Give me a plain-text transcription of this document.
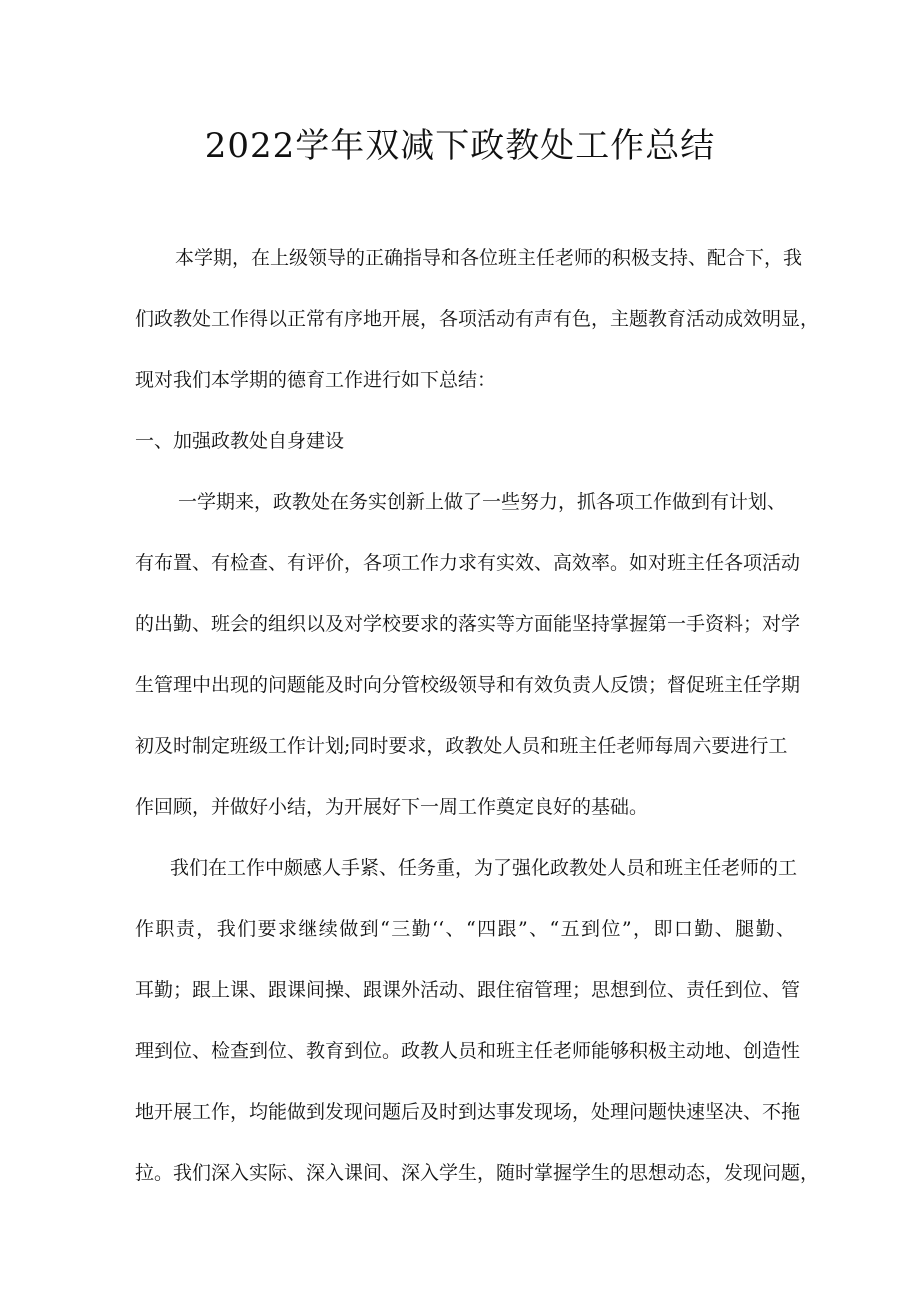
2022学年双减下政教处工作总结
本学期，在上级领导的正确指导和各位班主任老师的积极支持、配合下，我
们政教处工作得以正常有序地开展，各项活动有声有色，主题教育活动成效明显，
现对我们本学期的德育工作进行如下总结：
一、加强政教处自身建设
一学期来，政教处在务实创新上做了一些努力，抓各项工作做到有计划、
有布置、有检查、有评价，各项工作力求有实效、高效率。如对班主任各项活动
的出勤、班会的组织以及对学校要求的落实等方面能坚持掌握第一手资料；对学
生管理中出现的问题能及时向分管校级领导和有效负责人反馈；督促班主任学期
初及时制定班级工作计划;同时要求，政教处人员和班主任老师每周六要进行工
作回顾，并做好小结，为开展好下一周工作奠定良好的基础。
我们在工作中颇感人手紧、任务重，为了强化政教处人员和班主任老师的工
作职责，我们要求继续做到“三勤‘‘、“四跟”、“五到位”，即口勤、腿勤、
耳勤；跟上课、跟课间操、跟课外活动、跟住宿管理；思想到位、责任到位、管
理到位、检查到位、教育到位。政教人员和班主任老师能够积极主动地、创造性
地开展工作，均能做到发现问题后及时到达事发现场，处理问题快速坚决、不拖
拉。我们深入实际、深入课间、深入学生，随时掌握学生的思想动态，发现问题，
